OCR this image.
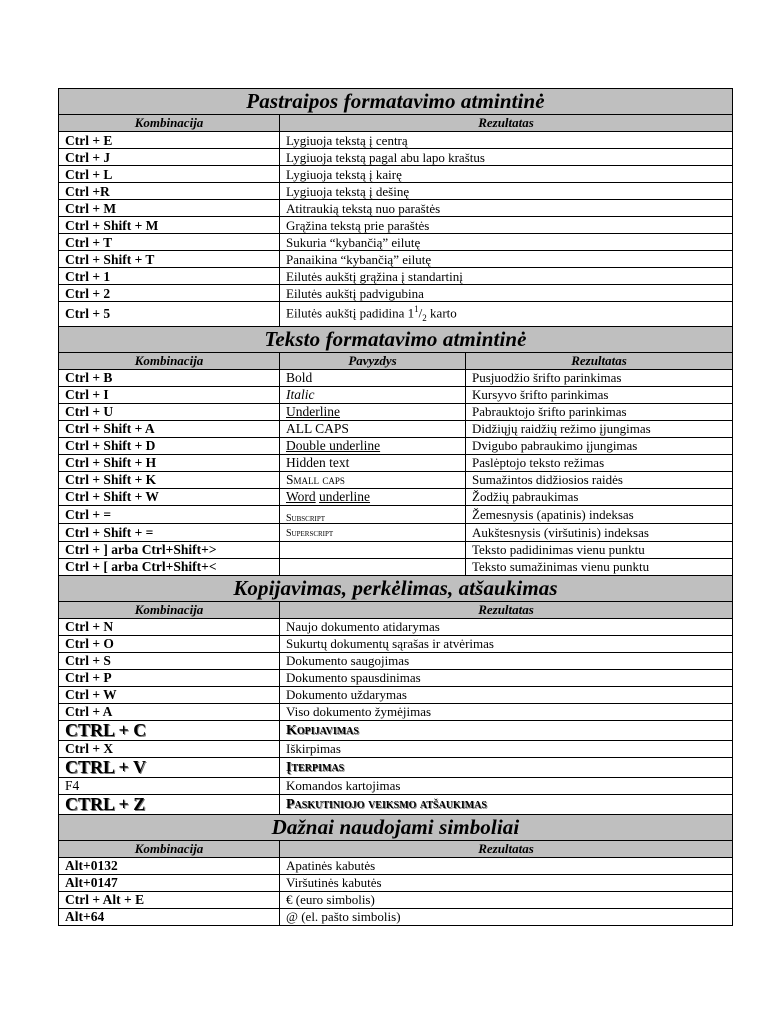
Pastraipos formatavimo atmintinė		
Kombinacija	Rezultatas	
Ctrl + E	Lygiuoja tekstą į centrą	
Ctrl + J	Lygiuoja tekstą pagal abu lapo kraštus	
Ctrl + L	Lygiuoja tekstą į kairę	
Ctrl +R	Lygiuoja tekstą į dešinę	
Ctrl + M	Atitraukią tekstą nuo paraštės	
Ctrl + Shift + M	Grąžina tekstą prie paraštės	
Ctrl + T	Sukuria “kybančią” eilutę	
Ctrl + Shift + T	Panaikina “kybančią” eilutę	
Ctrl + 1	Eilutės aukštį grąžina į standartinį	
Ctrl + 2	Eilutės aukštį padvigubina	
Ctrl + 5	Eilutės aukštį padidina $1^1/_2$ karto	
Teksto formatavimo atmintinė		
Kombinacija	Pavyzdys	Rezultatas
Ctrl + B	Bold	Pusjuodžio šrifto parinkimas
Ctrl + I	Italic	Kursyvo šrifto parinkimas
Ctrl + U	Underline	Pabrauktojo šrifto parinkimas
Ctrl + Shift + A	ALL CAPS	Didžiųjų raidžių režimo įjungimas
Ctrl + Shift + D	Double underline	Dvigubo pabraukimo įjungimas
Ctrl + Shift + H	Hidden text	Paslėptojo teksto režimas
Ctrl + Shift + K	Small caps	Sumažintos didžiosios raidės
Ctrl + Shift + W	Word underline	Žodžių pabraukimas
Ctrl + =	$_{Subscript}$	Žemesnysis (apatinis) indeksas
Ctrl + Shift + =	Superscript	Aukštesnysis (viršutinis) indeksas
Ctrl + ] arba Ctrl+Shift+>		Teksto padidinimas vienu punktu
Ctrl + [ arba Ctrl+Shift+<		Teksto sumažinimas vienu punktu
Kopijavimas, perkėlimas, atšaukimas		
Kombinacija	Rezultatas	
Ctrl + N	Naujo dokumento atidarymas	
Ctrl + O	Sukurtų dokumentų sąrašas ir atvėrimas	
Ctrl + S	Dokumento saugojimas	
Ctrl + P	Dokumento spausdinimas	
Ctrl + W	Dokumento uždarymas	
Ctrl + A	Viso dokumento žymėjimas	
CTRL + C	Kopijavimas	
Ctrl + X	Iškirpimas	
CTRL + V	Įterpimas	
F4	Komandos kartojimas	
CTRL + Z	Paskutiniojo veiksmo atšaukimas	
Dažnai naudojami simboliai		
Kombinacija	Rezultatas	
Alt+0132	Apatinės kabutės	
Alt+0147	Viršutinės kabutės	
Ctrl + Alt + E	€ (euro simbolis)	
Alt+64	@ (el. pašto simbolis)	
